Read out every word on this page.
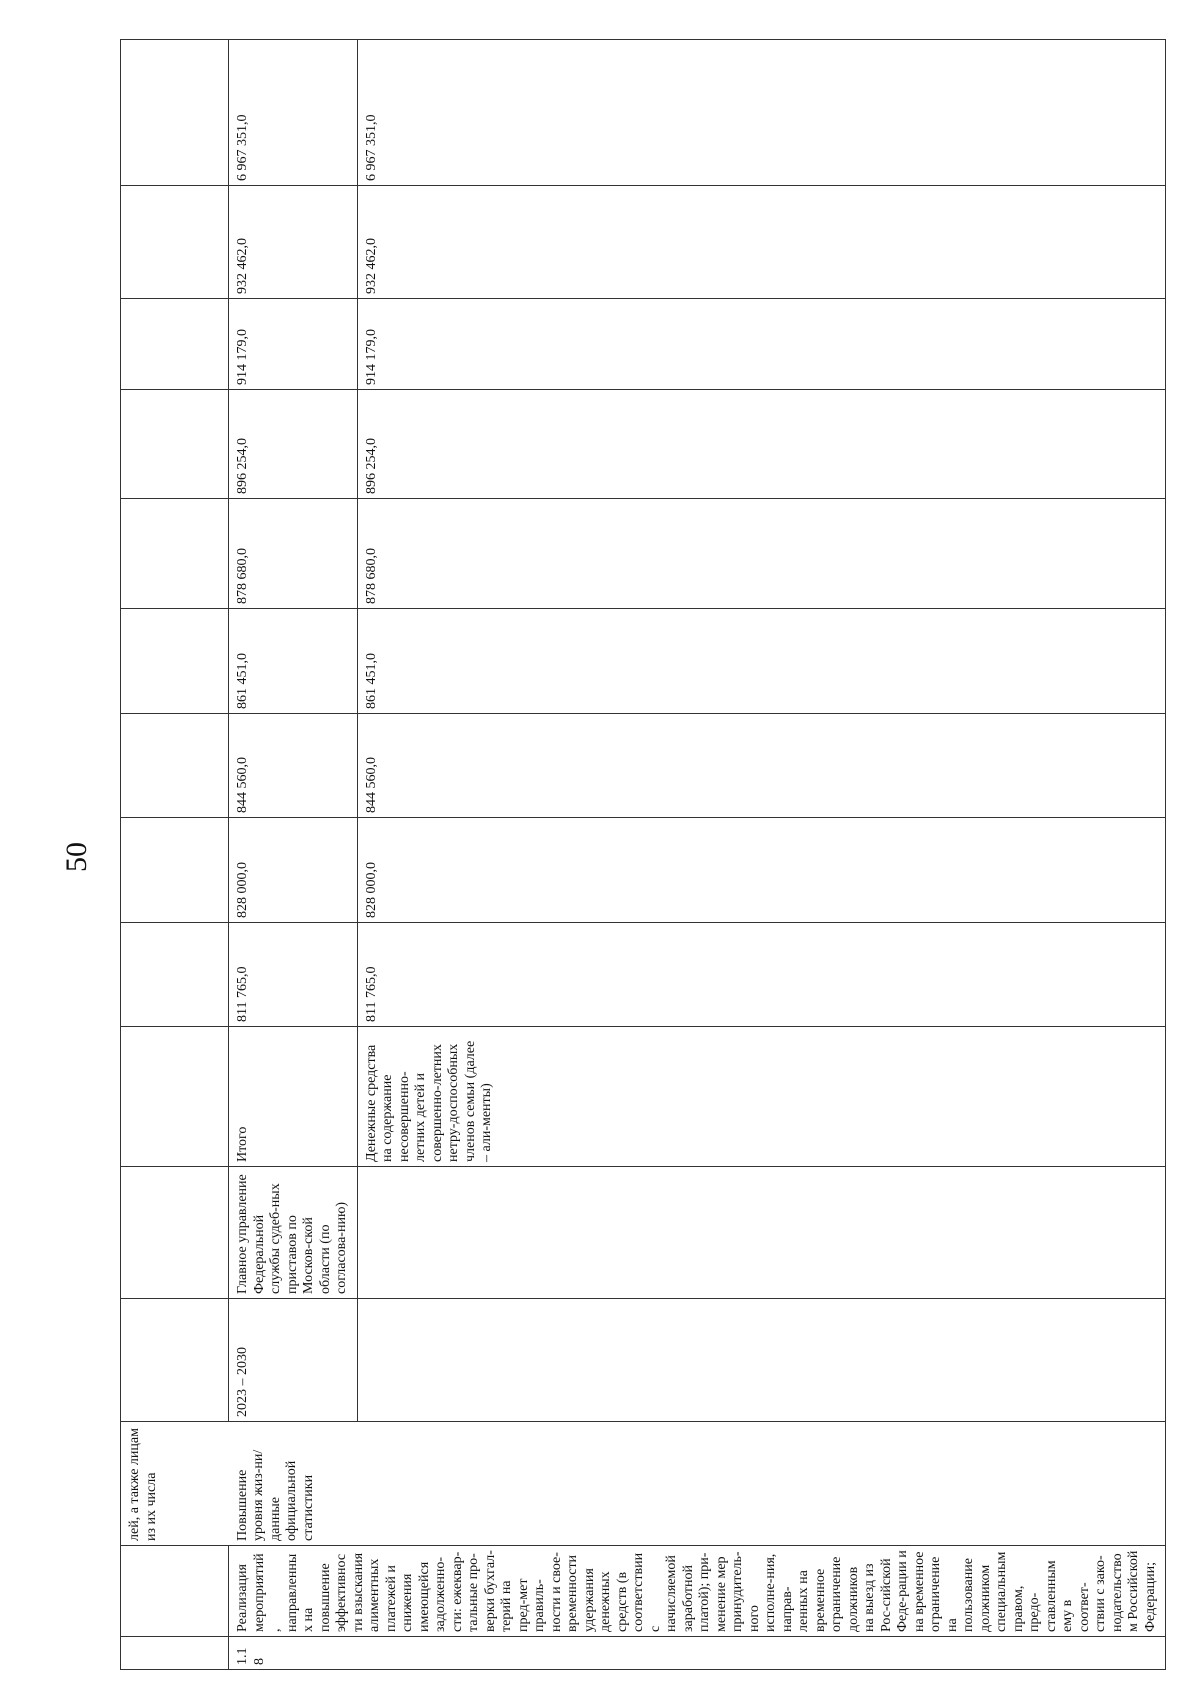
50
		лей, а также лицам из их числа												
1.18	Реализация мероприятий, направленных на повышение эффективности взыскания алиментных платежей и снижения имеющейся задолженно-сти: ежеквар-тальные про-верки бухгал-терий на пред-мет правиль-ности и свое-временности удержания денежных средств (в соответствии с начисляемой заработной платой); при-менение мер принудитель-ного исполне-ния, направ-ленных на временное ограничение должников на выезд из Рос-сийской Феде-рации и на временное ограничение на пользование должником специальным правом, предо-ставленным ему в соответ-ствии с зако-нодательством Российской Федерации;	Повышение уровня жиз-ни/данные официальной статистики	2023 – 2030	Главное управление Федеральной службы судеб-ных приставов по Москов-ской области (по согласова-нию)	Итого	811 765,0	828 000,0	844 560,0	861 451,0	878 680,0	896 254,0	914 179,0	932 462,0	6 967 351,0
					Денежные средства на содержание несовершенно-летних детей и совершенно-летних нетру-доспособных членов семьи (далее – али-менты)	811 765,0	828 000,0	844 560,0	861 451,0	878 680,0	896 254,0	914 179,0	932 462,0	6 967 351,0
